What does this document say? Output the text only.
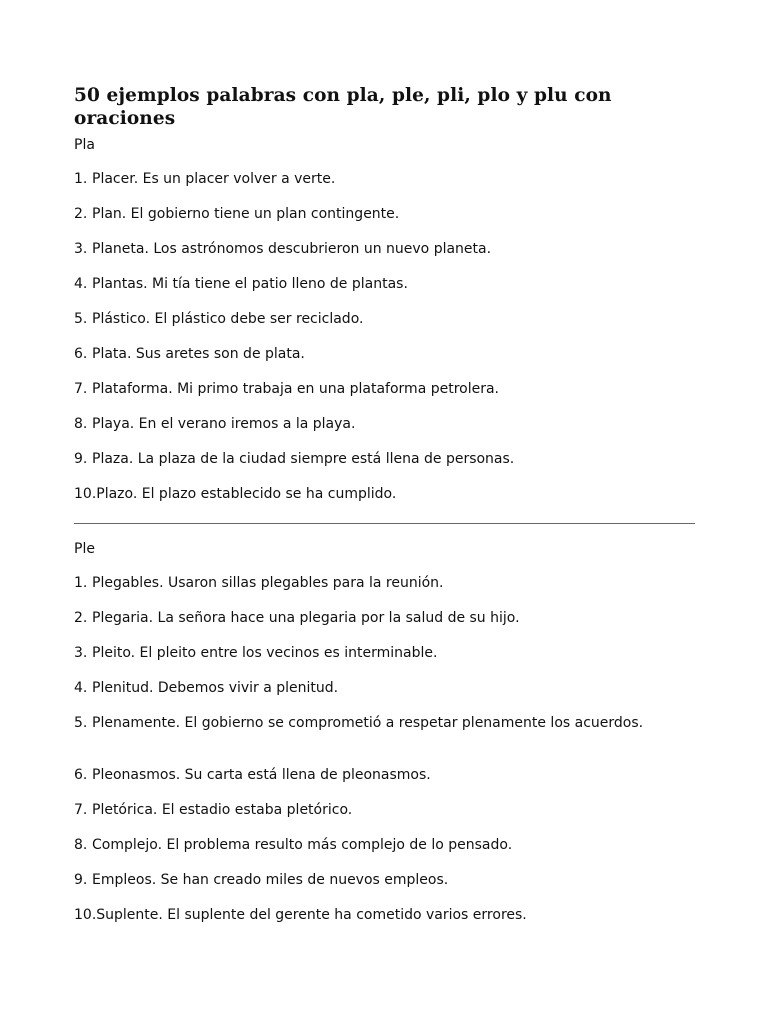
50 ejemplos palabras con pla, ple, pli, plo y plu con oraciones

Pla

1. Placer. Es un placer volver a verte.
2. Plan. El gobierno tiene un plan contingente.
3. Planeta. Los astrónomos descubrieron un nuevo planeta.
4. Plantas. Mi tía tiene el patio lleno de plantas.
5. Plástico. El plástico debe ser reciclado.
6. Plata. Sus aretes son de plata.
7. Plataforma. Mi primo trabaja en una plataforma petrolera.
8. Playa. En el verano iremos a la playa.
9. Plaza. La plaza de la ciudad siempre está llena de personas.
10. Plazo. El plazo establecido se ha cumplido.

Ple

1. Plegables. Usaron sillas plegables para la reunión.
2. Plegaria. La señora hace una plegaria por la salud de su hijo.
3. Pleito. El pleito entre los vecinos es interminable.
4. Plenitud. Debemos vivir a plenitud.
5. Plenamente. El gobierno se comprometió a respetar plenamente los acuerdos.
6. Pleonasmos. Su carta está llena de pleonasmos.
7. Pletórica. El estadio estaba pletórico.
8. Complejo. El problema resulto más complejo de lo pensado.
9. Empleos. Se han creado miles de nuevos empleos.
10. Suplente. El suplente del gerente ha cometido varios errores.
